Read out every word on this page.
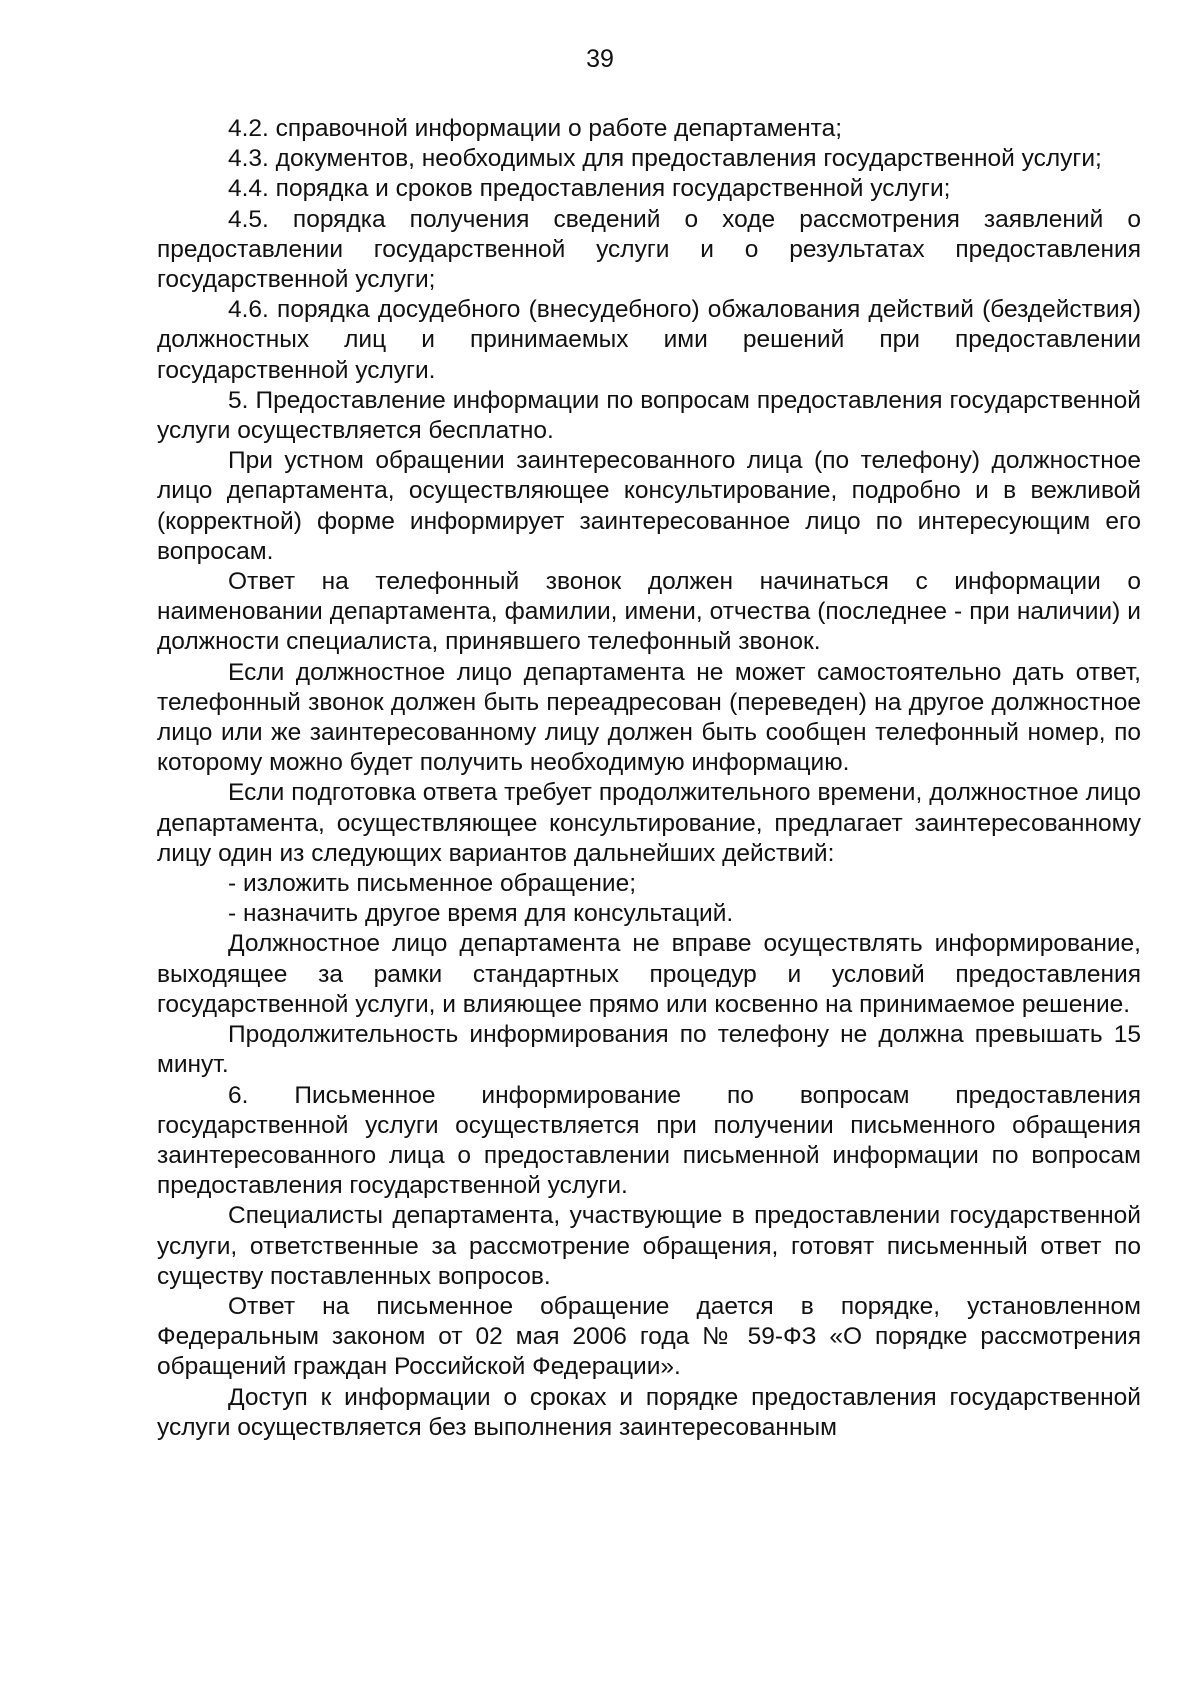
39

4.2. справочной информации о работе департамента;

4.3. документов, необходимых для предоставления государственной услуги;

4.4. порядка и сроков предоставления государственной услуги;

4.5. порядка получения сведений о ходе рассмотрения заявлений о предоставлении государственной услуги и о результатах предоставления государственной услуги;

4.6. порядка досудебного (внесудебного) обжалования действий (бездействия) должностных лиц и принимаемых ими решений при предоставлении государственной услуги.

5. Предоставление информации по вопросам предоставления государственной услуги осуществляется бесплатно.

При устном обращении заинтересованного лица (по телефону) должностное лицо департамента, осуществляющее консультирование, подробно и в вежливой (корректной) форме информирует заинтересованное лицо по интересующим его вопросам.

Ответ на телефонный звонок должен начинаться с информации о наименовании департамента, фамилии, имени, отчества (последнее - при наличии) и должности специалиста, принявшего телефонный звонок.

Если должностное лицо департамента не может самостоятельно дать ответ, телефонный звонок должен быть переадресован (переведен) на другое должностное лицо или же заинтересованному лицу должен быть сообщен телефонный номер, по которому можно будет получить необходимую информацию.

Если подготовка ответа требует продолжительного времени, должностное лицо департамента, осуществляющее консультирование, предлагает заинтересованному лицу один из следующих вариантов дальнейших действий:

- изложить письменное обращение;

- назначить другое время для консультаций.

Должностное лицо департамента не вправе осуществлять информирование, выходящее за рамки стандартных процедур и условий предоставления государственной услуги, и влияющее прямо или косвенно на принимаемое решение.

Продолжительность информирования по телефону не должна превышать 15 минут.

6. Письменное информирование по вопросам предоставления государственной услуги осуществляется при получении письменного обращения заинтересованного лица о предоставлении письменной информации по вопросам предоставления государственной услуги.

Специалисты департамента, участвующие в предоставлении государственной услуги, ответственные за рассмотрение обращения, готовят письменный ответ по существу поставленных вопросов.

Ответ на письменное обращение дается в порядке, установленном Федеральным законом от 02 мая 2006 года № 59-ФЗ «О порядке рассмотрения обращений граждан Российской Федерации».

Доступ к информации о сроках и порядке предоставления государственной услуги осуществляется без выполнения заинтересованным
